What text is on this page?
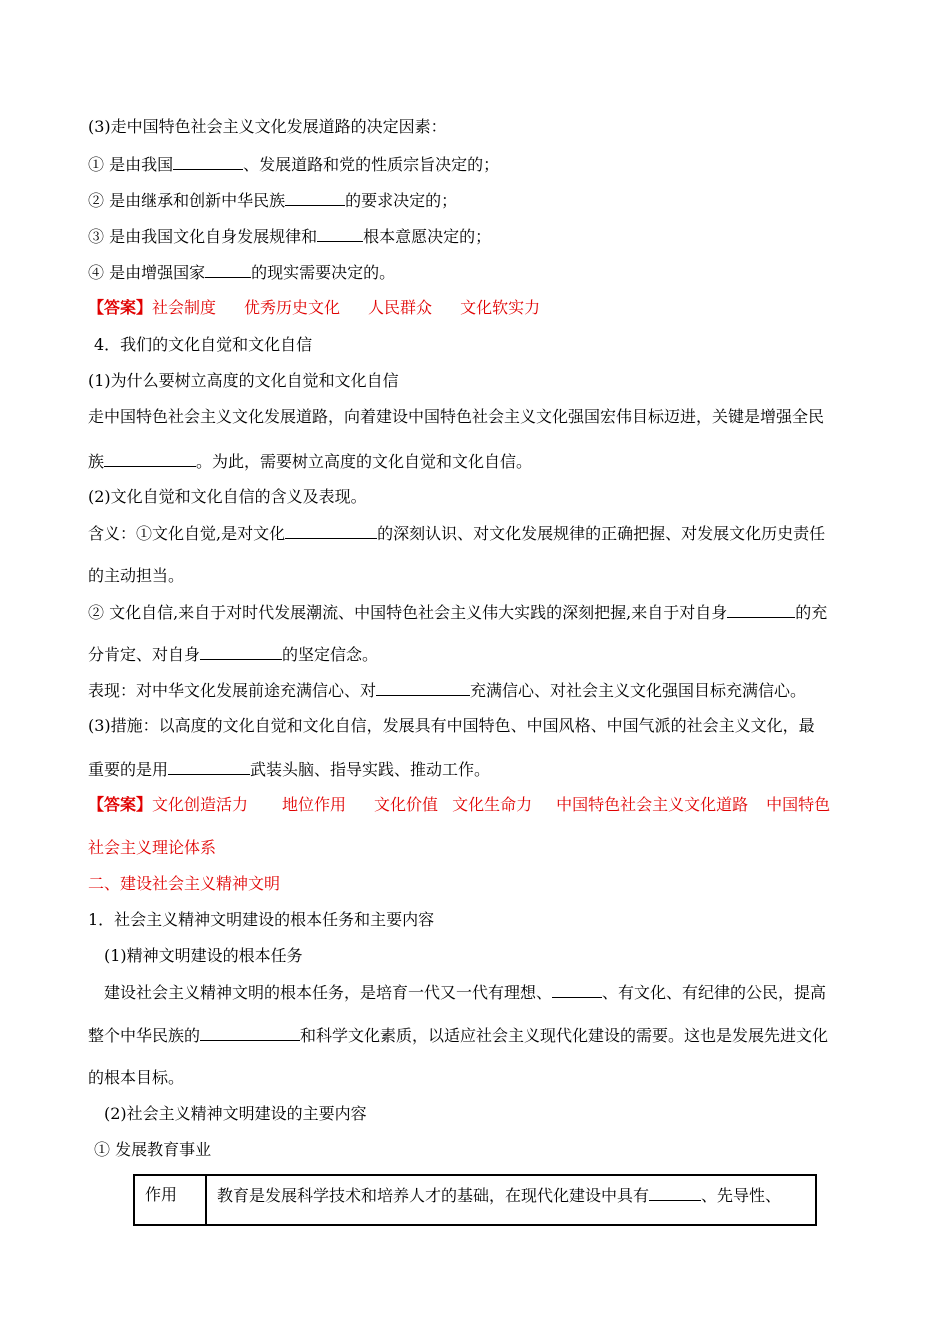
(3)走中国特色社会主义文化发展道路的决定因素：
① 是由我国	、发展道路和党的性质宗旨决定的；
② 是由继承和创新中华民族	的要求决定的；
③ 是由我国文化自身发展规律和	根本意愿决定的；
④ 是由增强国家	的现实需要决定的。
【答案】社会制度 优秀历史文化 人民群众 文化软实力
4．我们的文化自觉和文化自信
(1)为什么要树立高度的文化自觉和文化自信
走中国特色社会主义文化发展道路，向着建设中国特色社会主义文化强国宏伟目标迈进，关键是增强全民
族	。为此，需要树立高度的文化自觉和文化自信。
(2)文化自觉和文化自信的含义及表现。
含义：①文化自觉,是对文化	的深刻认识、对文化发展规律的正确把握、对发展文化历史责任
的主动担当。
② 文化自信,来自于对时代发展潮流、中国特色社会主义伟大实践的深刻把握,来自于对自身	的充
分肯定、对自身	的坚定信念。
表现：对中华文化发展前途充满信心、对	充满信心、对社会主义文化强国目标充满信心。
(3)措施：以高度的文化自觉和文化自信，发展具有中国特色、中国风格、中国气派的社会主义文化，最
重要的是用	武装头脑、指导实践、推动工作。
【答案】文化创造活力 地位作用 文化价值 文化生命力 中国特色社会主义文化道路 中国特色
社会主义理论体系
二、建设社会主义精神文明
1．社会主义精神文明建设的根本任务和主要内容
(1)精神文明建设的根本任务
建设社会主义精神文明的根本任务，是培育一代又一代有理想、	、有文化、有纪律的公民，提高
整个中华民族的	和科学文化素质，以适应社会主义现代化建设的需要。这也是发展先进文化
的根本目标。
(2)社会主义精神文明建设的主要内容
① 发展教育事业
作用	教育是发展科学技术和培养人才的基础，在现代化建设中具有	、先导性、
